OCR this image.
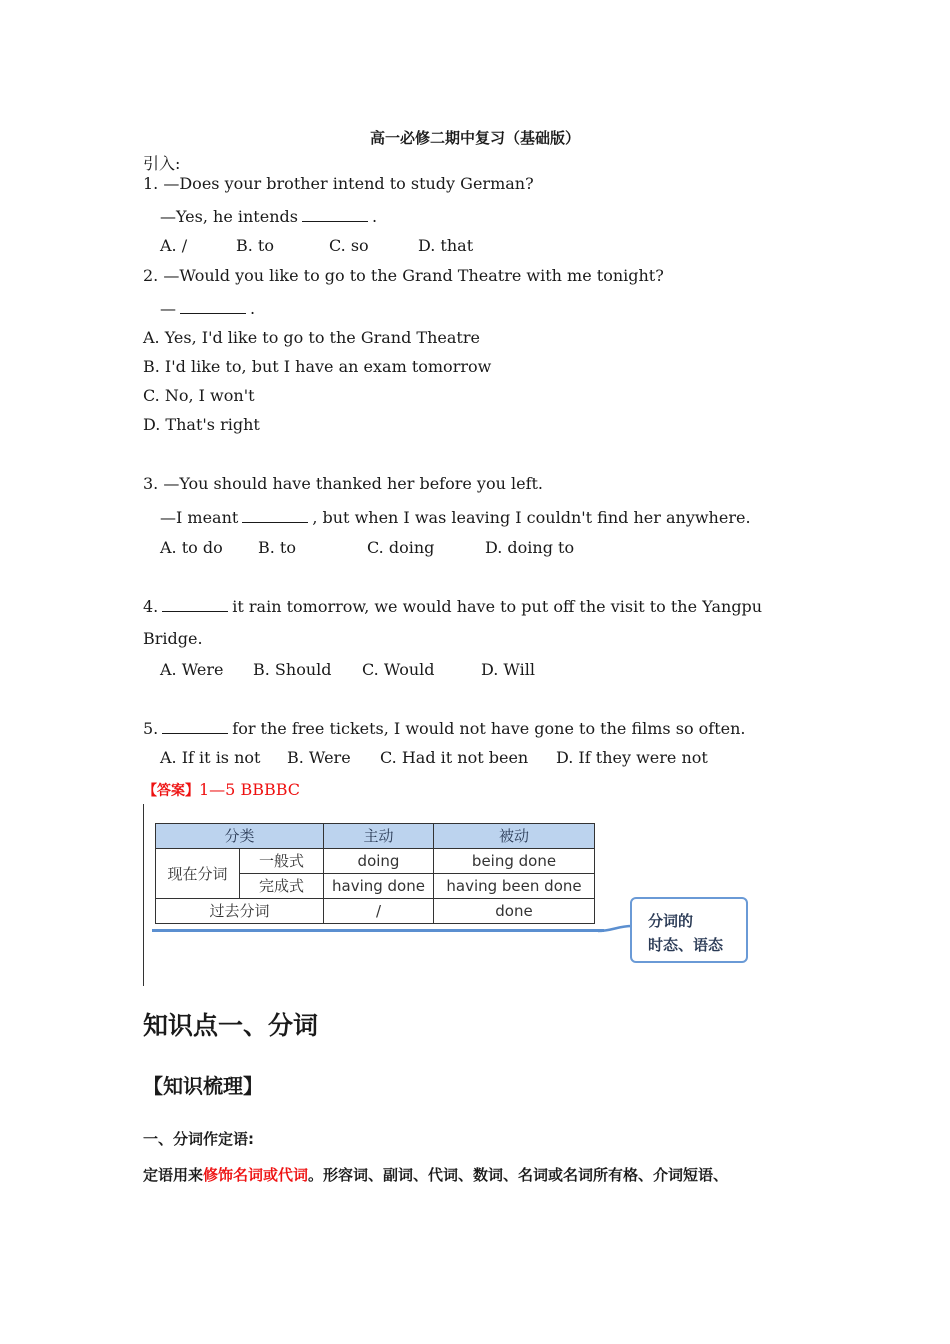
高一必修二期中复习（基础版）
引入:
1. —Does your brother intend to study German?
—Yes, he intends	.
A. /	B. to	C. so	D. that
2. —Would you like to go to the Grand Theatre with me tonight?
—	.
A. Yes, I'd like to go to the Grand Theatre
B. I'd like to, but I have an exam tomorrow
C. No, I won't
D. That's right
3. —You should have thanked her before you left.
—I meant	, but when I was leaving I couldn't find her anywhere.
A. to do B. to	C. doing	D. doing to
4.	it rain tomorrow, we would have to put off the visit to the Yangpu
Bridge.
A. Were B. Should C. Would	D. Will
5.	for the free tickets, I would not have gone to the films so often.
A. If it is not B. Were C. Had it not been D. If they were not
【答案】1—5 BBBBC
分类		主动	被动
现在分词	一般式	doing	being done
	完成式	having done	having been done
过去分词		/	done
分词的
时态、语态
知识点一、分词
【知识梳理】
一、分词作定语:
定语用来修饰名词或代词。形容词、副词、代词、数词、名词或名词所有格、介词短语、
